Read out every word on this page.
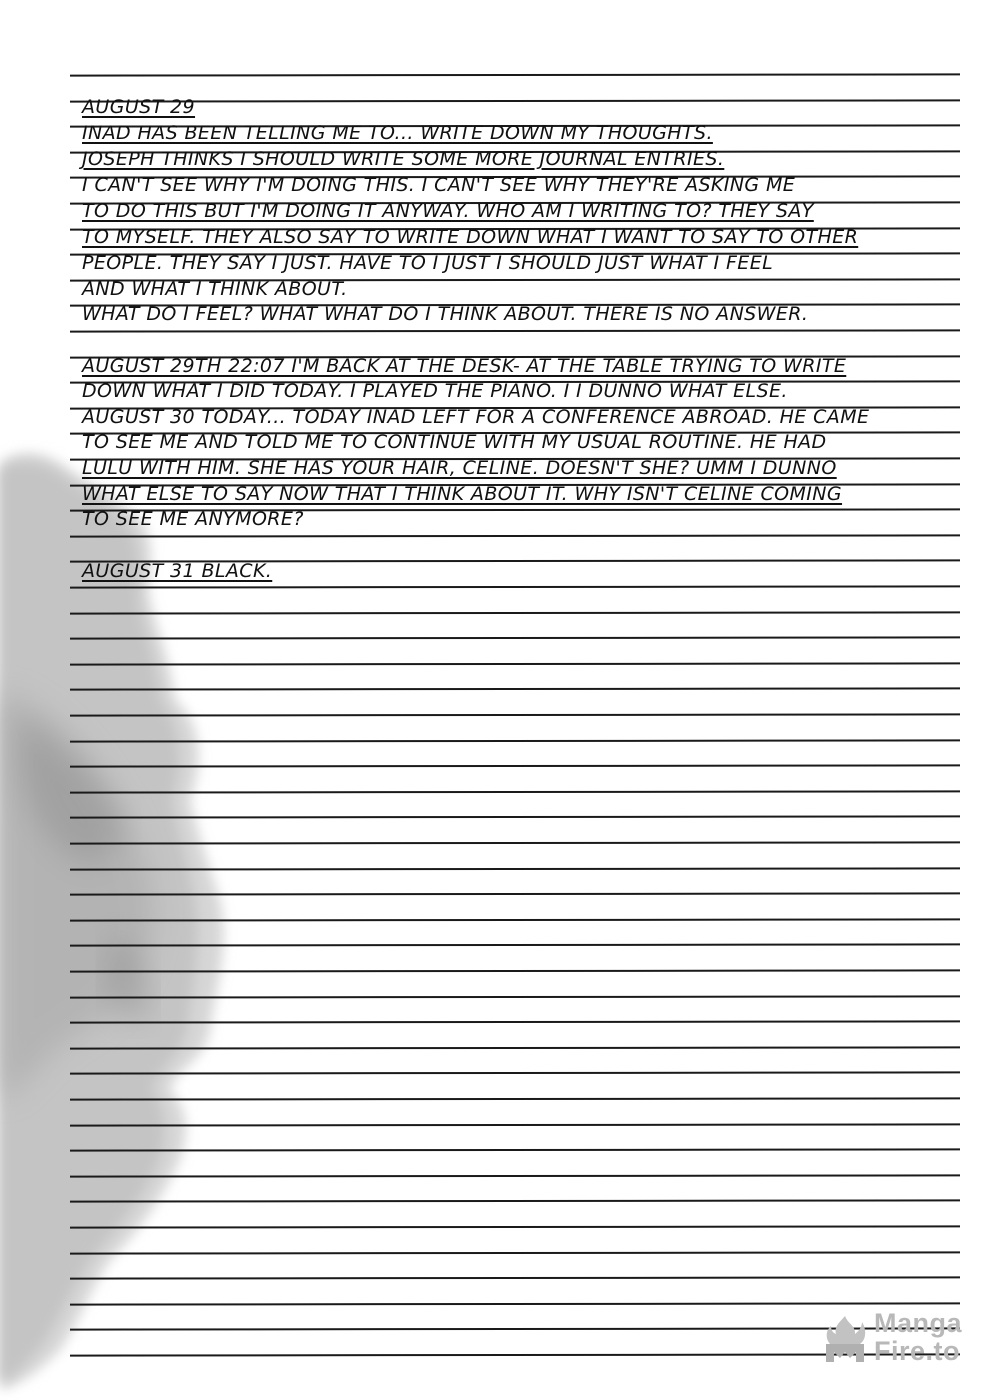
AUGUST 29
INAD HAS BEEN TELLING ME TO... WRITE DOWN MY THOUGHTS.
JOSEPH THINKS I SHOULD WRITE SOME MORE JOURNAL ENTRIES.
I CAN'T SEE WHY I'M DOING THIS. I CAN'T SEE WHY THEY'RE ASKING ME
TO DO THIS BUT I'M DOING IT ANYWAY. WHO AM I WRITING TO? THEY SAY
TO MYSELF. THEY ALSO SAY TO WRITE DOWN WHAT I WANT TO SAY TO OTHER
PEOPLE. THEY SAY I JUST. HAVE TO I JUST I SHOULD JUST WHAT I FEEL
AND WHAT I THINK ABOUT.
WHAT DO I FEEL? WHAT WHAT DO I THINK ABOUT. THERE IS NO ANSWER.
AUGUST 29TH 22:07 I'M BACK AT THE DESK- AT THE TABLE TRYING TO WRITE
DOWN WHAT I DID TODAY. I PLAYED THE PIANO. I I DUNNO WHAT ELSE.
AUGUST 30 TODAY... TODAY INAD LEFT FOR A CONFERENCE ABROAD. HE CAME
TO SEE ME AND TOLD ME TO CONTINUE WITH MY USUAL ROUTINE. HE HAD
LULU WITH HIM. SHE HAS YOUR HAIR, CELINE. DOESN'T SHE? UMM I DUNNO
WHAT ELSE TO SAY NOW THAT I THINK ABOUT IT. WHY ISN'T CELINE COMING
TO SEE ME ANYMORE?
AUGUST 31 BLACK.
Manga
Fire.to
